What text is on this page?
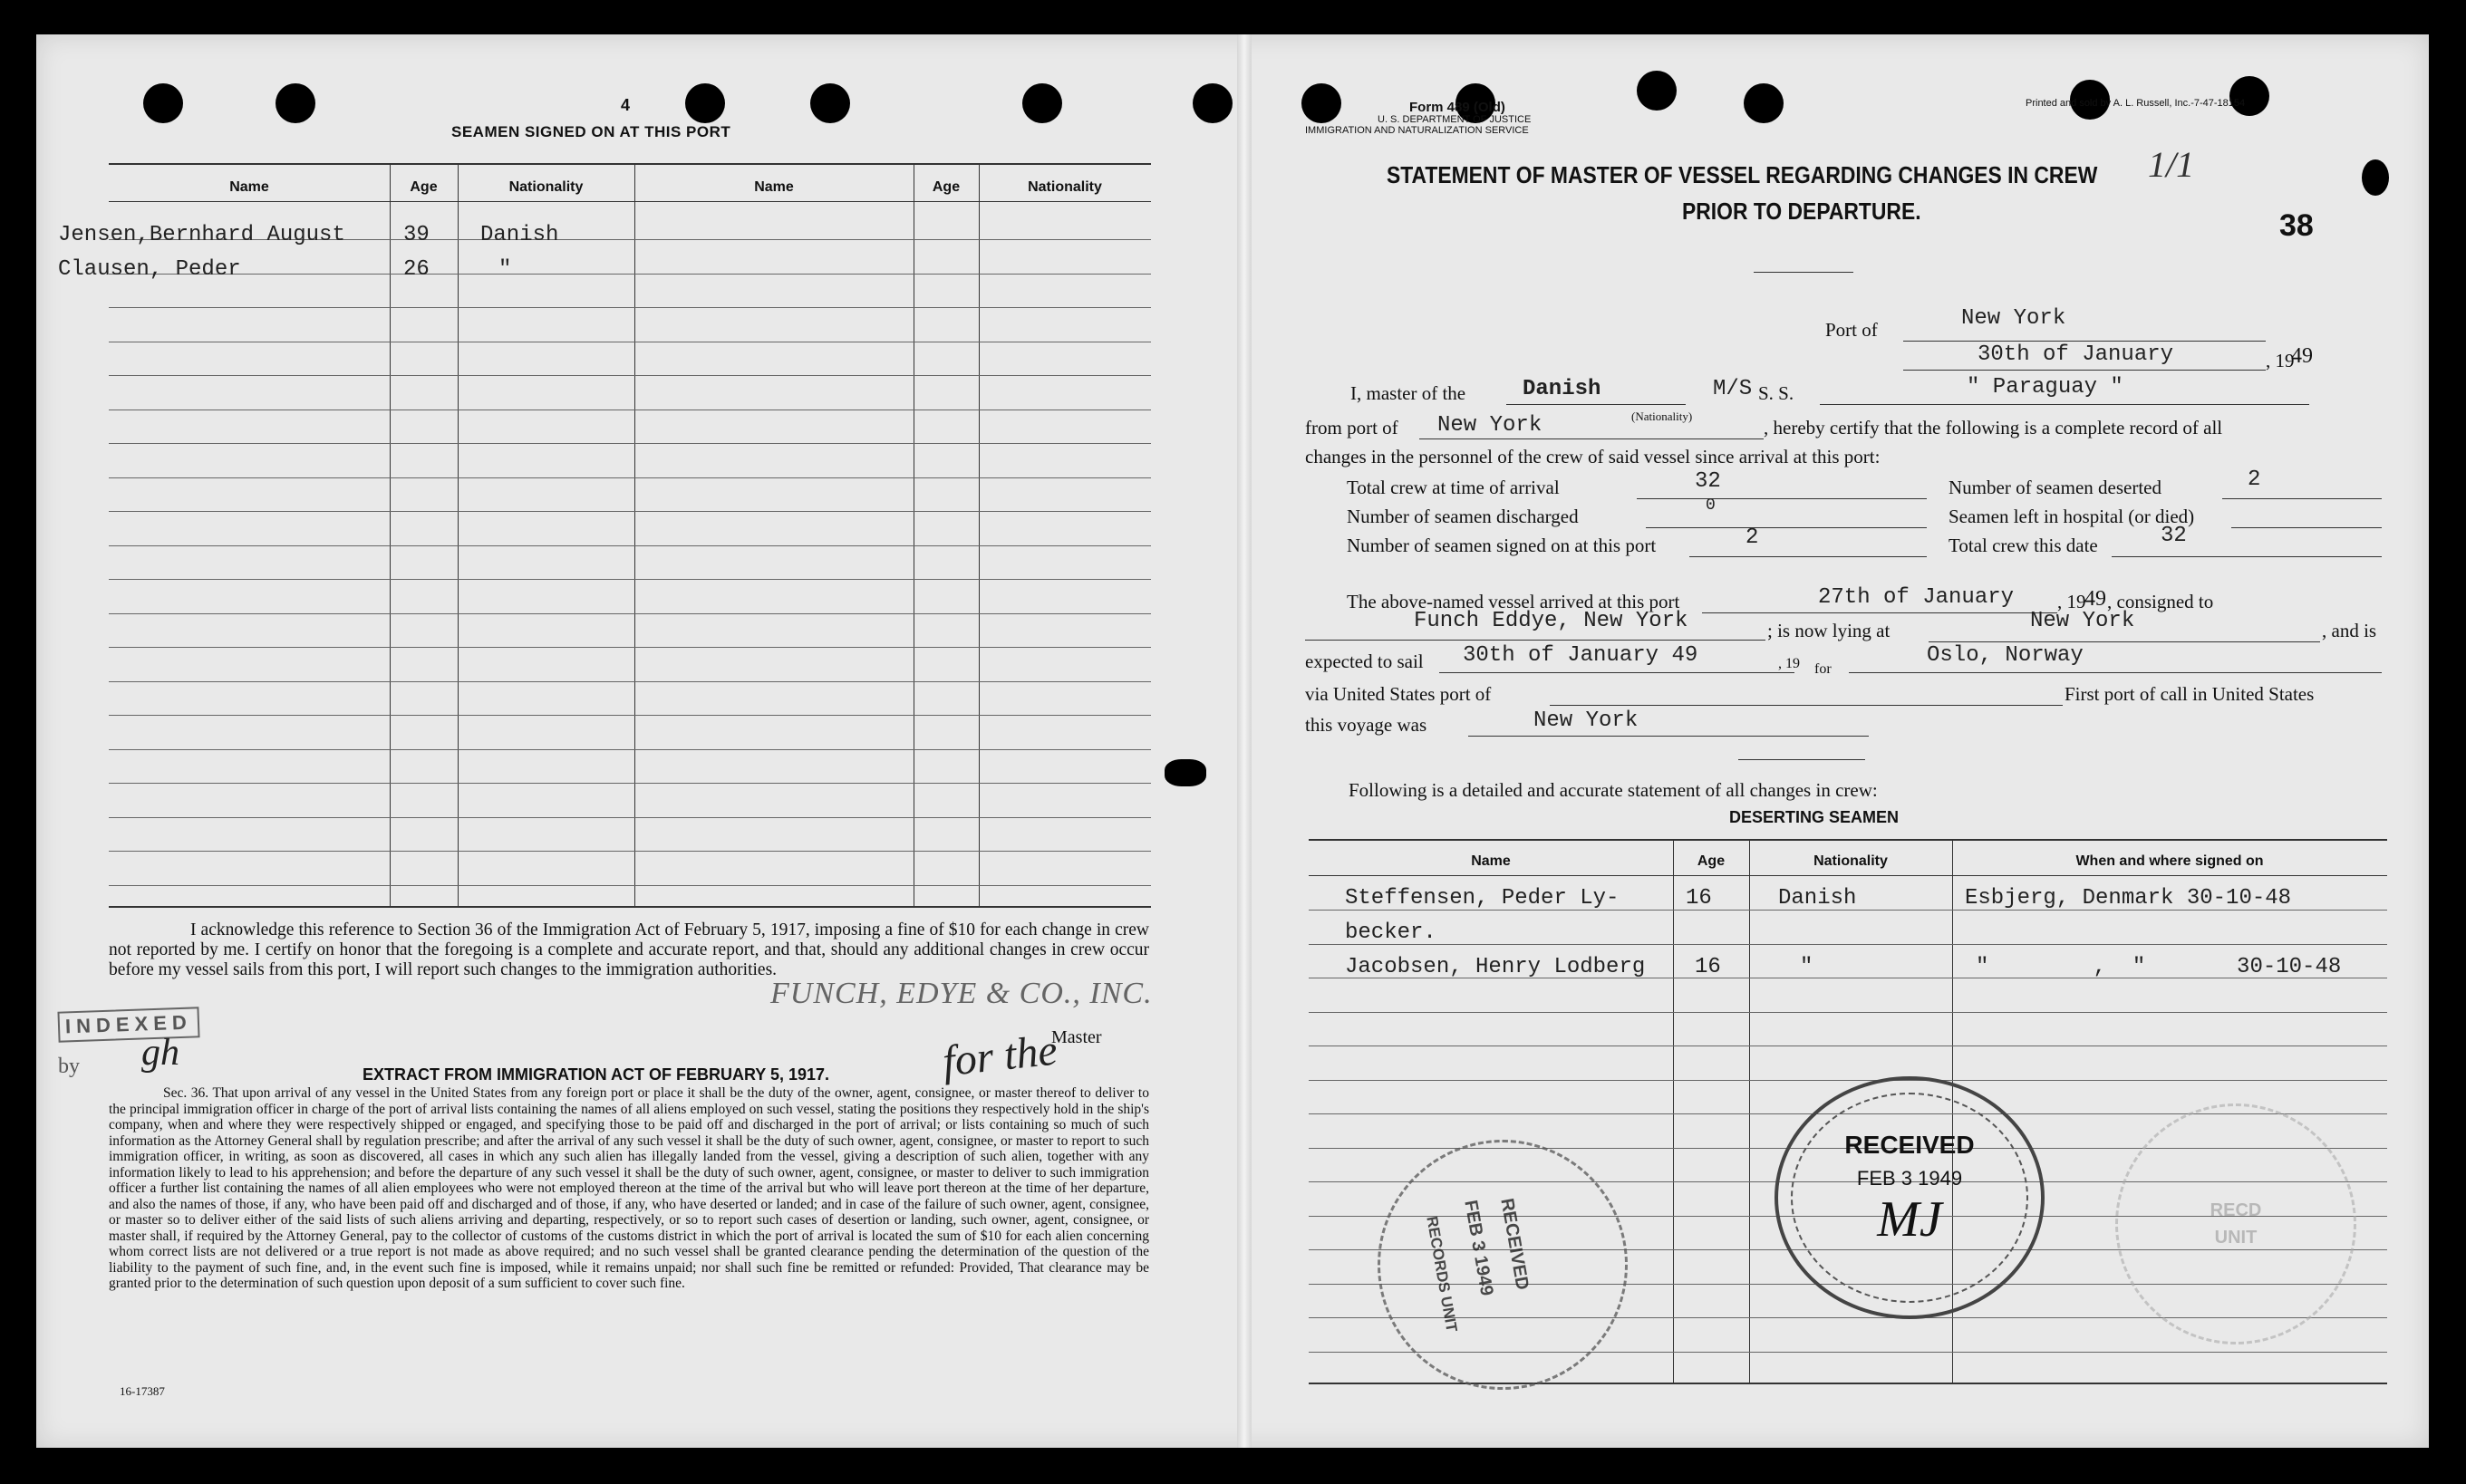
4
SEAMEN SIGNED ON AT THIS PORT
Name	Age	Nationality	Name	Age	Nationality
Jensen,Bernhard August	39 Danish
Clausen, Peder	26	"
I acknowledge this reference to Section 36 of the Immigration Act of February 5, 1917, imposing a fine of $10 for each change in crew not reported by me. I certify on honor that the foregoing is a complete and accurate report, and that, should any additional changes in crew occur before my vessel sails from this port, I will report such changes to the immigration authorities.
FUNCH, EDYE & CO., INC.
for the
Master
INDEXED
by gh
EXTRACT FROM IMMIGRATION ACT OF FEBRUARY 5, 1917.
Sec. 36. That upon arrival of any vessel in the United States from any foreign port or place it shall be the duty of the owner, agent, consignee, or master thereof to deliver to the principal immigration officer in charge of the port of arrival lists containing the names of all aliens employed on such vessel, stating the positions they respectively hold in the ship's company, when and where they were respectively shipped or engaged, and specifying those to be paid off and discharged in the port of arrival; or lists containing so much of such information as the Attorney General shall by regulation prescribe; and after the arrival of any such vessel it shall be the duty of such owner, agent, consignee, or master to report to such immigration officer, in writing, as soon as discovered, all cases in which any such alien has illegally landed from the vessel, giving a description of such alien, together with any information likely to lead to his apprehension; and before the departure of any such vessel it shall be the duty of such owner, agent, consignee, or master to deliver to such immigration officer a further list containing the names of all alien employees who were not employed thereon at the time of the arrival but who will leave port thereon at the time of her departure, and also the names of those, if any, who have been paid off and discharged and of those, if any, who have deserted or landed; and in case of the failure of such owner, agent, consignee, or master so to deliver either of the said lists of such aliens arriving and departing, respectively, or so to report such cases of desertion or landing, such owner, agent, consignee, or master shall, if required by the Attorney General, pay to the collector of customs of the customs district in which the port of arrival is located the sum of $10 for each alien concerning whom correct lists are not delivered or a true report is not made as above required; and no such vessel shall be granted clearance pending the determination of the question of the liability to the payment of such fine, and, in the event such fine is imposed, while it remains unpaid; nor shall such fine be remitted or refunded: Provided, That clearance may be granted prior to the determination of such question upon deposit of a sum sufficient to cover such fine.
16-17387
Form 489 (Old)
U. S. DEPARTMENT OF JUSTICE
IMMIGRATION AND NATURALIZATION SERVICE
Printed and sold by A. L. Russell, Inc.-7-47-18154
STATEMENT OF MASTER OF VESSEL REGARDING CHANGES IN CREW
PRIOR TO DEPARTURE.
1/1
38
Port of	New York
30th of January	, 19
49
I, master of the	Danish	M/S S. S.	" Paraguay "
(Nationality)
from port of New York	, hereby certify that the following is a complete record of all
changes in the personnel of the crew of said vessel since arrival at this port:
Total crew at time of arrival	32	Number of seamen deserted	2
Number of seamen discharged	0	Seamen left in hospital (or died)
Number of seamen signed on at this port	2	Total crew this date	32
The above-named vessel arrived at this port	27th of January , 19
49 , consigned to
Funch Eddye, New York	; is now lying at	New York	, and is
expected to sail 30th of January 49	, 19 for
Oslo, Norway
via United States port of	First port of call in United States
this voyage was	New York
Following is a detailed and accurate statement of all changes in crew:
DESERTING SEAMEN
Name	Age	Nationality	When and where signed on
Steffensen, Peder Ly-	16	Danish	Esbjerg, Denmark 30-10-48
becker.
Jacobsen, Henry Lodberg 16	"	"        ,  "       30-10-48
RECEIVED
FEB 3 1949
RECORDS UNIT
RECEIVED
FEB 3 1949
MJ	RECD
UNIT
